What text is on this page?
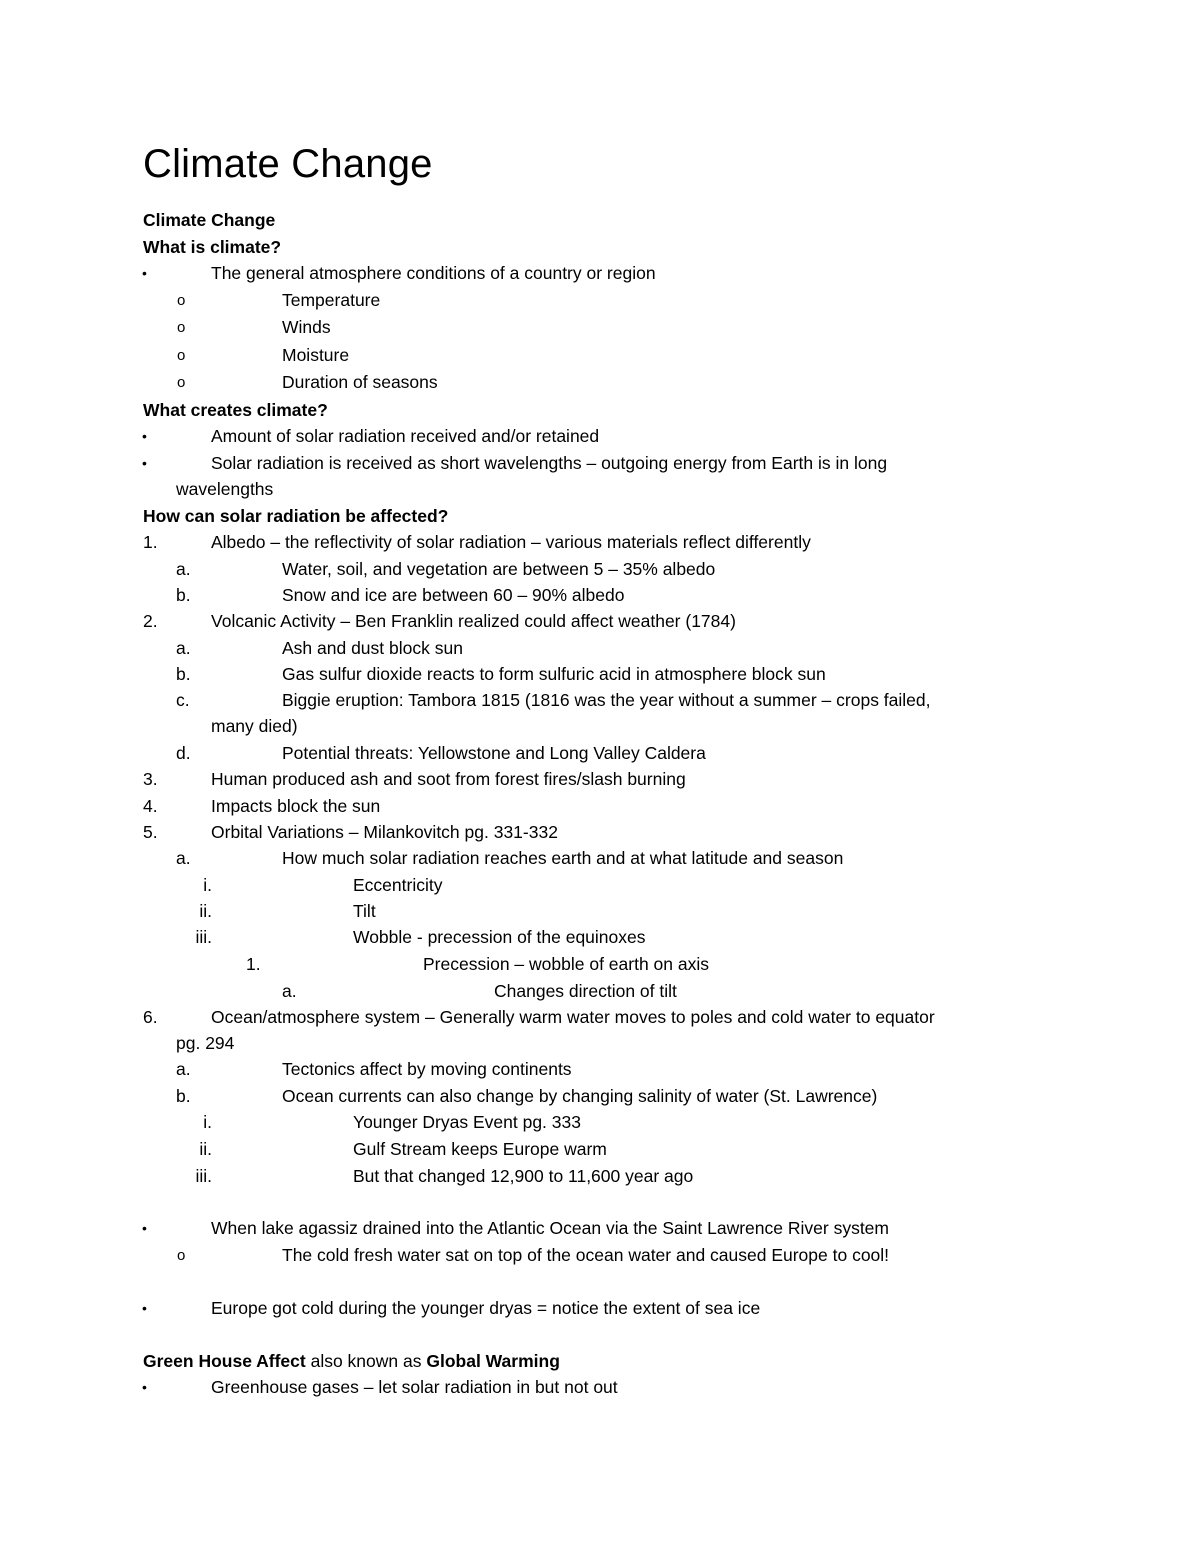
Climate Change
Climate Change
What is climate?
•	The general atmosphere conditions of a country or region
o	Temperature
o	Winds
o	Moisture
o	Duration of seasons
What creates climate?
•	Amount of solar radiation received and/or retained
•	Solar radiation is received as short wavelengths – outgoing energy from Earth is in long
wavelengths
How can solar radiation be affected?
1.	Albedo – the reflectivity of solar radiation – various materials reflect differently
a.	Water, soil, and vegetation are between 5 – 35% albedo
b.	Snow and ice are between 60 – 90% albedo
2.	Volcanic Activity – Ben Franklin realized could affect weather (1784)
a.	Ash and dust block sun
b.	Gas sulfur dioxide reacts to form sulfuric acid in atmosphere block sun
c.	Biggie eruption: Tambora 1815 (1816 was the year without a summer – crops failed,
many died)
d.	Potential threats: Yellowstone and Long Valley Caldera
3.	Human produced ash and soot from forest fires/slash burning
4.	Impacts block the sun
5.	Orbital Variations – Milankovitch pg. 331-332
a.	How much solar radiation reaches earth and at what latitude and season
i.	Eccentricity
ii.	Tilt
iii.	Wobble - precession of the equinoxes
1.	Precession – wobble of earth on axis
a.	Changes direction of tilt
6.	Ocean/atmosphere system – Generally warm water moves to poles and cold water to equator
pg. 294
a.	Tectonics affect by moving continents
b.	Ocean currents can also change by changing salinity of water (St. Lawrence)
i.	Younger Dryas Event pg. 333
ii.	Gulf Stream keeps Europe warm
iii.	But that changed 12,900 to 11,600 year ago
•	When lake agassiz drained into the Atlantic Ocean via the Saint Lawrence River system
o	The cold fresh water sat on top of the ocean water and caused Europe to cool!
•	Europe got cold during the younger dryas = notice the extent of sea ice
Green House Affect also known as Global Warming
•	Greenhouse gases – let solar radiation in but not out
